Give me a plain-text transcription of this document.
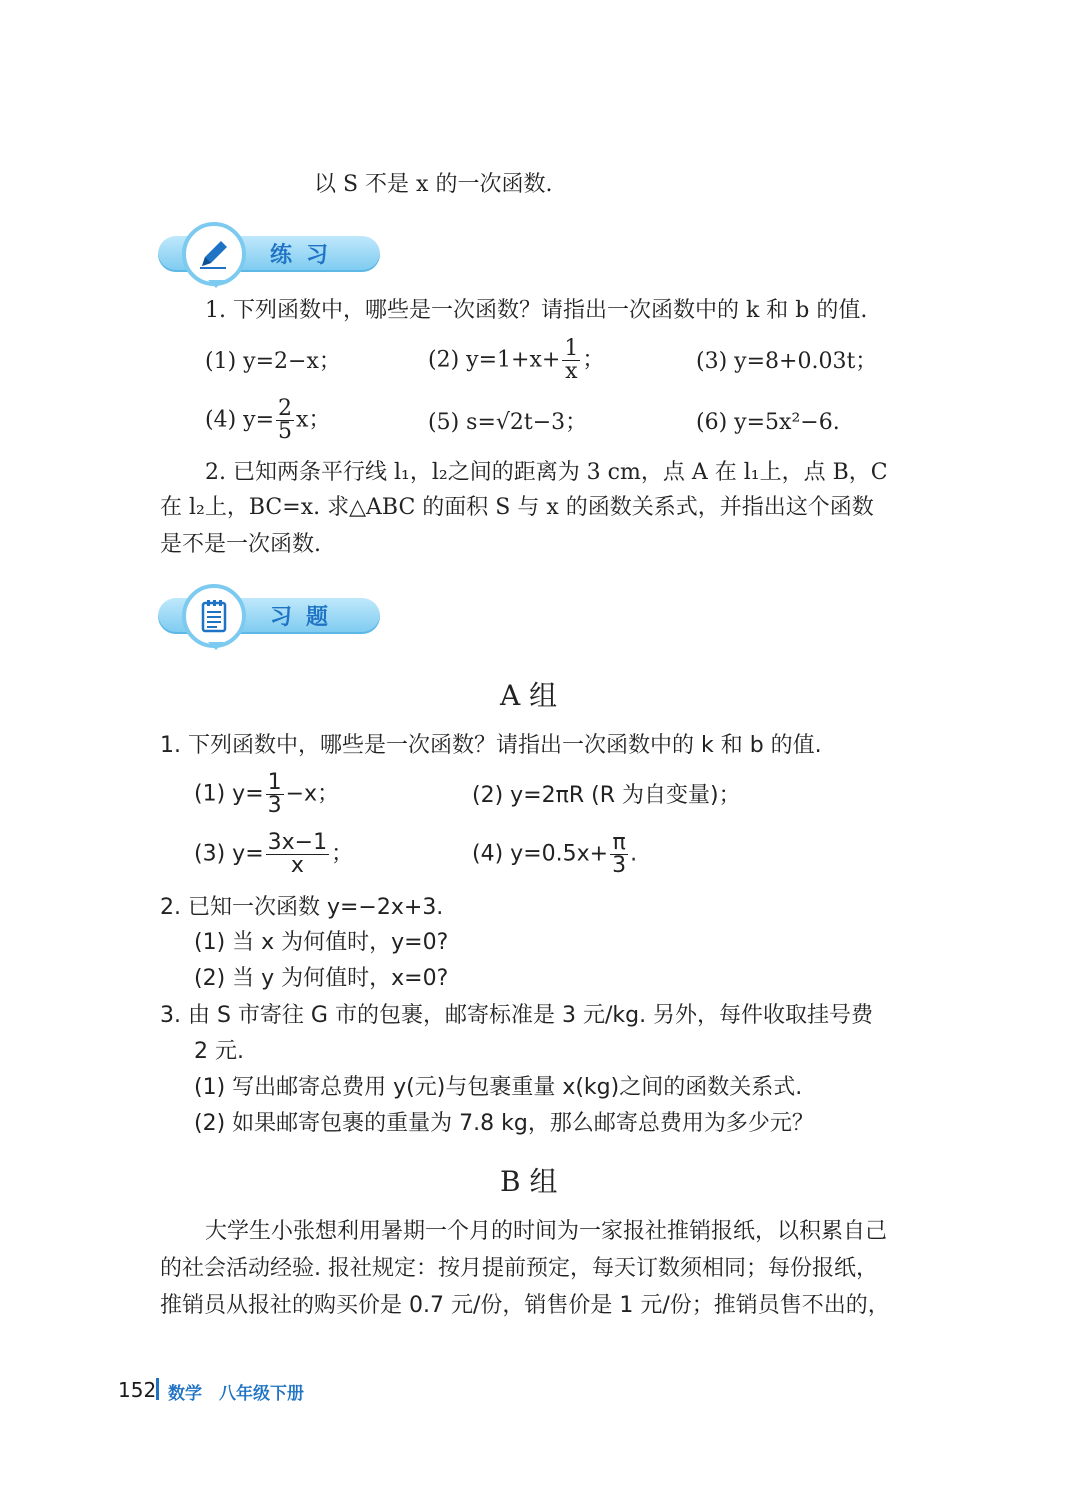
以 S 不是 x 的一次函数.
练习
1. 下列函数中，哪些是一次函数？请指出一次函数中的 k 和 b 的值.
(1) y=2−x；	(2) $y=1+x+ \frac{1}{x}$ ；	(3) y=8+0.03t；
(4) $y= \frac{2}{5}$ x；	(5) s=√2t−3；	(6) y=5x²−6.
2. 已知两条平行线 l₁，l₂之间的距离为 3 cm，点 A 在 l₁上，点 B，C
在 l₂上，BC=x. 求△ABC 的面积 S 与 x 的函数关系式，并指出这个函数
是不是一次函数.
习题
A 组
1. 下列函数中，哪些是一次函数？请指出一次函数中的 k 和 b 的值.
(1) $y= \frac{1}{3} -x$；	(2) y=2πR (R 为自变量)；
(3) $y= \frac{3x-1}{x}$ ；	(4) $y=0.5x+ \frac{\pi}{3}$ .
2. 已知一次函数 y=−2x+3.
(1) 当 x 为何值时，y=0?
(2) 当 y 为何值时，x=0?
3. 由 S 市寄往 G 市的包裹，邮寄标准是 3 元/kg. 另外，每件收取挂号费
2 元.
(1) 写出邮寄总费用 y(元)与包裹重量 x(kg)之间的函数关系式.
(2) 如果邮寄包裹的重量为 7.8 kg，那么邮寄总费用为多少元？
B 组
大学生小张想利用暑期一个月的时间为一家报社推销报纸，以积累自己
的社会活动经验. 报社规定：按月提前预定，每天订数须相同；每份报纸，
推销员从报社的购买价是 0.7 元/份，销售价是 1 元/份；推销员售不出的，
152 数学　八年级下册
